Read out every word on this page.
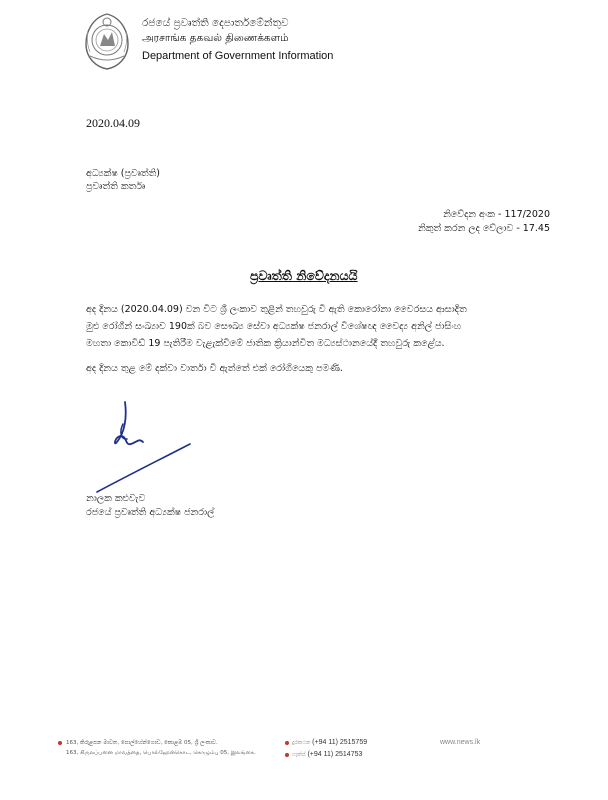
රජයේ ප්‍රවෘත්ති දෙපාර්තමේන්තුව
அரசாங்க தகவல் திணைக்களம்
Department of Government Information
2020.04.09
අධ්‍යක්ෂ (ප්‍රවෘත්ති)
ප්‍රවෘත්ති කර්තෘ
නිවේදන අංක - 117/2020
නිකුත් කරන ලද වේලාව - 17.45
ප්‍රවෘත්ති නිවේදනයයි
අද දිනය (2020.04.09) වන විට ශ්‍රී ලංකාව තුළින් තහවුරු වී ඇති කොරෝනා වෛරසය ආසාදිත
මුළු රෝගීන් සංඛ්‍යාව 190ක් බව සෞඛ්‍ය සේවා අධ්‍යක්ෂ ජනරාල් විශේෂඥ වෛද්‍ය අනිල් ජාසිංහ
මහතා කොවිඩ් 19 පැතිරීම වැළැක්වීමේ ජාතික ක්‍රියාන්විත මධ්‍යස්ථානයේදී තහවුරු කළේය.
අද දිනය තුළ මේ දක්වා වාර්තා වී ඇත්තේ එක් රෝගියෙකු පමණි.
නාලක කළුවැව
රජයේ ප්‍රවෘත්ති අධ්‍යක්ෂ ජනරාල්
163, කිරුළපන මාවත, පොල්හේන්ගොඩ, කොළඹ 05, ශ්‍රී ලංකාව.
163, கிருலப்பனை மாவத்தை, பொல்ஹேன்கொட, கொழும்பு 05, இலங்கை.
දුරකථන (+94 11) 2515759
ෆැක්ස් (+94 11) 2514753
www.news.lk
